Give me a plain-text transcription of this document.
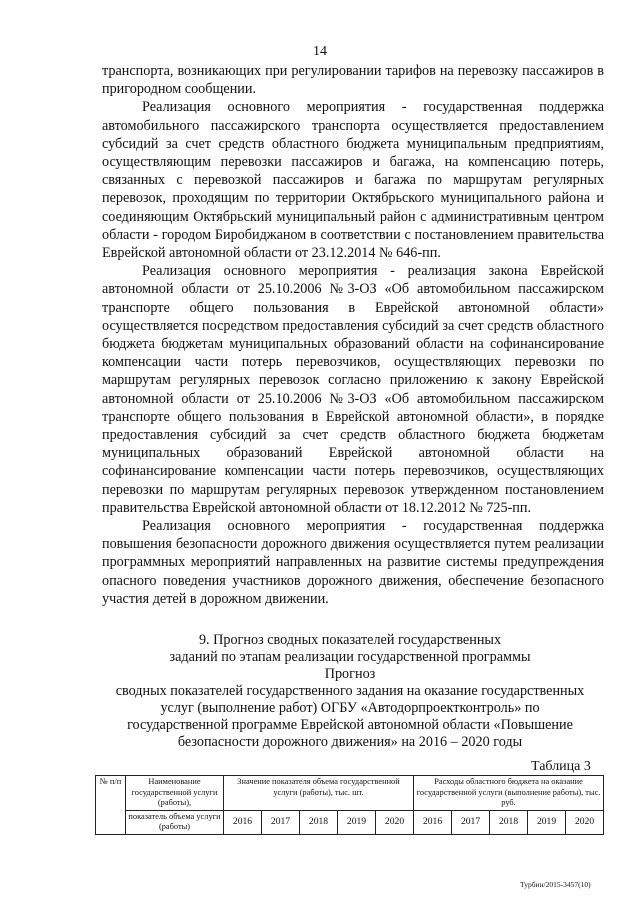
14

транспорта, возникающих при регулировании тарифов на перевозку пассажиров в пригородном сообщении.

Реализация основного мероприятия - государственная поддержка автомобильного пассажирского транспорта осуществляется предоставлением субсидий за счет средств областного бюджета муниципальным предприятиям, осуществляющим перевозки пассажиров и багажа, на компенсацию потерь, связанных с перевозкой пассажиров и багажа по маршрутам регулярных перевозок, проходящим по территории Октябрьского муниципального района и соединяющим Октябрьский муниципальный район с административным центром области - городом Биробиджаном в соответствии с постановлением правительства Еврейской автономной области от 23.12.2014 № 646-пп.

Реализация основного мероприятия - реализация закона Еврейской автономной области от 25.10.2006 №3-ОЗ «Об автомобильном пассажирском транспорте общего пользования в Еврейской автономной области» осуществляется посредством предоставления субсидий за счет средств областного бюджета бюджетам муниципальных образований области на софинансирование компенсации части потерь перевозчиков, осуществляющих перевозки по маршрутам регулярных перевозок согласно приложению к закону Еврейской автономной области от 25.10.2006 №3-ОЗ «Об автомобильном пассажирском транспорте общего пользования в Еврейской автономной области», в порядке предоставления субсидий за счет средств областного бюджета бюджетам муниципальных образований Еврейской автономной области на софинансирование компенсации части потерь перевозчиков, осуществляющих перевозки по маршрутам регулярных перевозок утвержденном постановлением правительства Еврейской автономной области от 18.12.2012 № 725-пп.

Реализация основного мероприятия - государственная поддержка повышения безопасности дорожного движения осуществляется путем реализации программных мероприятий направленных на развитие системы предупреждения опасного поведения участников дорожного движения, обеспечение безопасного участия детей в дорожном движении.

9. Прогноз сводных показателей государственных
заданий по этапам реализации государственной программы
Прогноз
сводных показателей государственного задания на оказание государственных
услуг (выполнение работ) ОГБУ «Автодорпроектконтроль» по
государственной программе Еврейской автономной области «Повышение
безопасности дорожного движения» на 2016 – 2020 годы
Таблица 3
№ п/п	Наименование государственной услуги (работы),	Значение показателя объема государственной услуги (работы), тыс. шт.					Расходы областного бюджета на оказание государственной услуги (выполнение работы), тыс. руб.				
	показатель объема услуги (работы)	2016	2017	2018	2019	2020	2016	2017	2018	2019	2020
Турбин/2015-3457(10)
